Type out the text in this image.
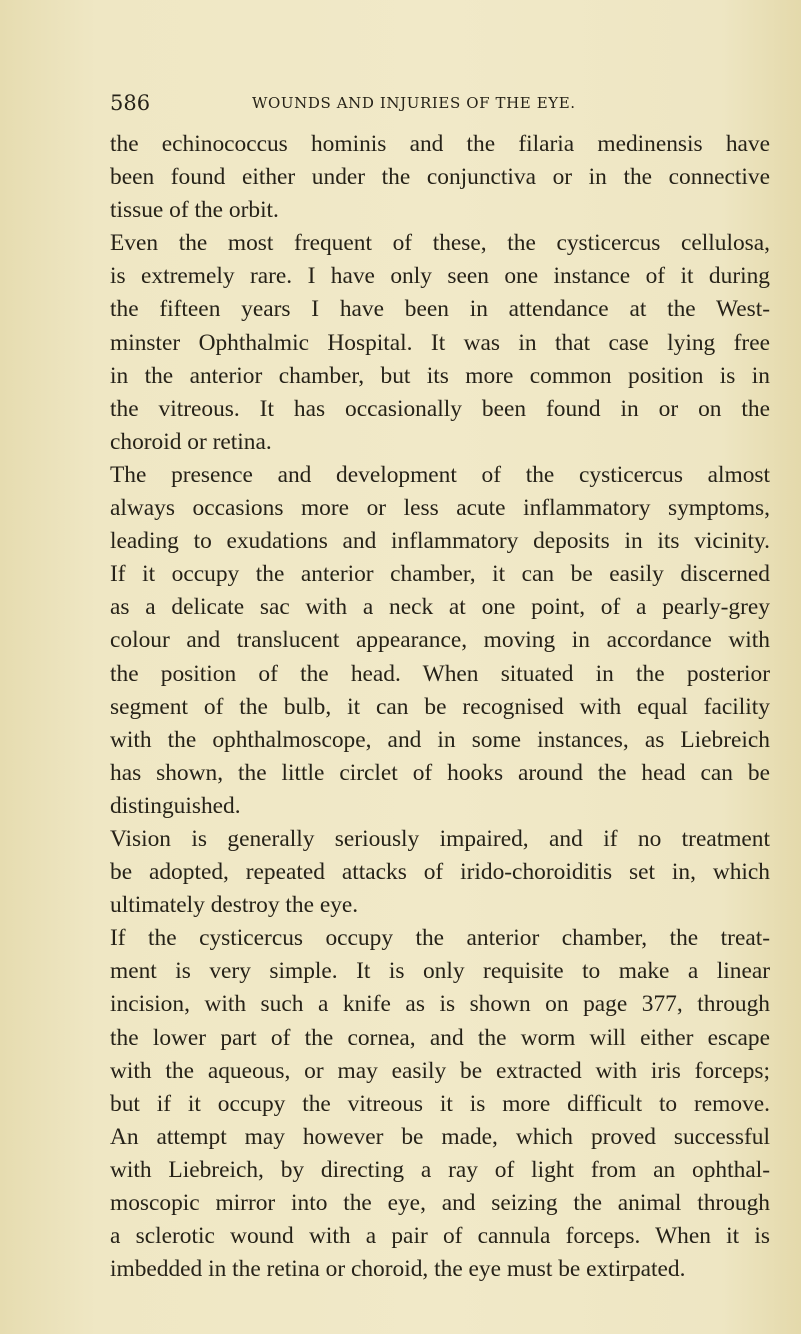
586	WOUNDS AND INJURIES OF THE EYE.
the echinococcus hominis and the filaria medinensis have
been found either under the conjunctiva or in the connective
tissue of the orbit.
Even the most frequent of these, the cysticercus cellulosa,
is extremely rare. I have only seen one instance of it during
the fifteen years I have been in attendance at the West-
minster Ophthalmic Hospital. It was in that case lying free
in the anterior chamber, but its more common position is in
the vitreous. It has occasionally been found in or on the
choroid or retina.
The presence and development of the cysticercus almost
always occasions more or less acute inflammatory symptoms,
leading to exudations and inflammatory deposits in its vicinity.
If it occupy the anterior chamber, it can be easily discerned
as a delicate sac with a neck at one point, of a pearly-grey
colour and translucent appearance, moving in accordance with
the position of the head. When situated in the posterior
segment of the bulb, it can be recognised with equal facility
with the ophthalmoscope, and in some instances, as Liebreich
has shown, the little circlet of hooks around the head can be
distinguished.
Vision is generally seriously impaired, and if no treatment
be adopted, repeated attacks of irido-choroiditis set in, which
ultimately destroy the eye.
If the cysticercus occupy the anterior chamber, the treat-
ment is very simple. It is only requisite to make a linear
incision, with such a knife as is shown on page 377, through
the lower part of the cornea, and the worm will either escape
with the aqueous, or may easily be extracted with iris forceps;
but if it occupy the vitreous it is more difficult to remove.
An attempt may however be made, which proved successful
with Liebreich, by directing a ray of light from an ophthal-
moscopic mirror into the eye, and seizing the animal through
a sclerotic wound with a pair of cannula forceps. When it is
imbedded in the retina or choroid, the eye must be extirpated.
